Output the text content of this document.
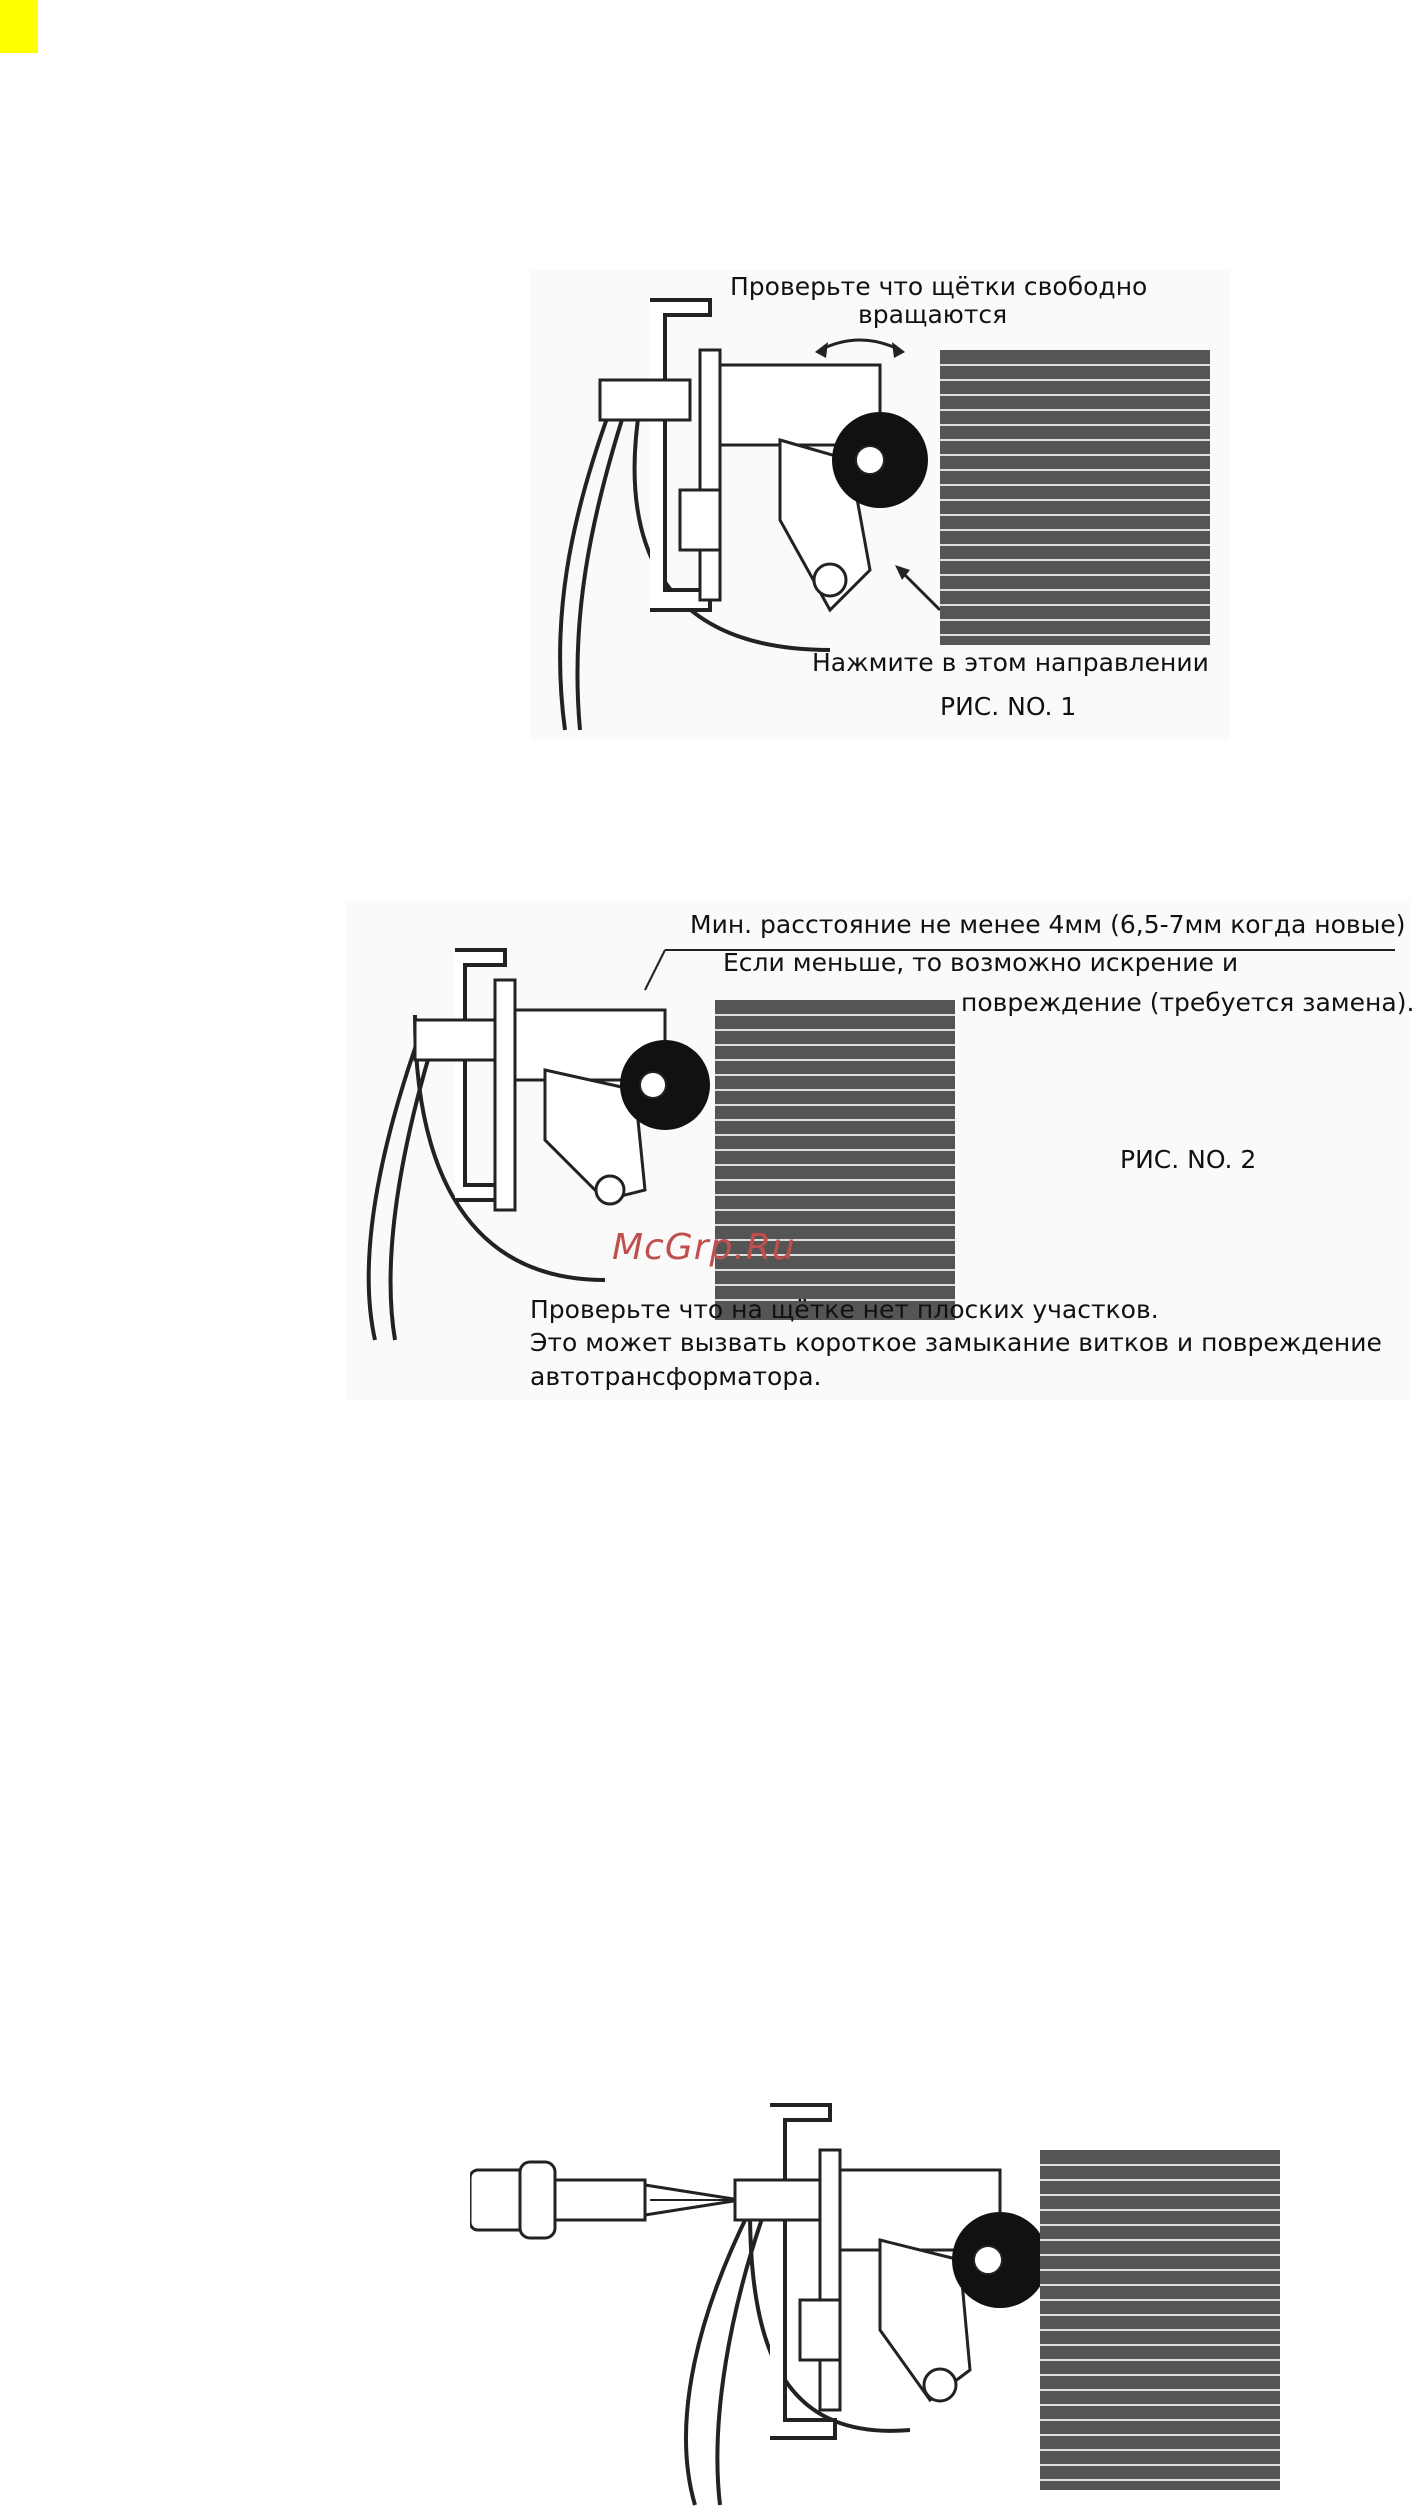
Проверьте что щётки свободно
вращаются
Нажмите в этом направлении
РИС. NO. 1
Мин. расстояние не менее 4мм (6,5-7мм когда новые)
Если меньше, то возможно искрение и
повреждение (требуется замена).
РИС. NO. 2
Проверьте что на щётке нет плоских участков.
Это может вызвать короткое замыкание витков и повреждение
автотрансформатора.
McGrp.Ru
